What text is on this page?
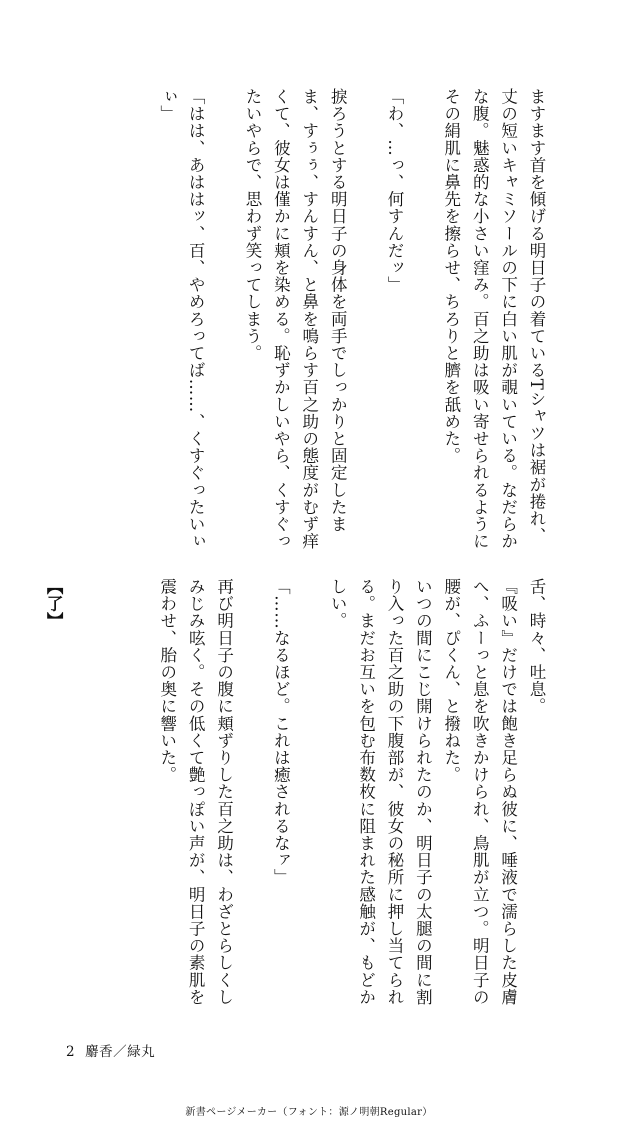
ますます首を傾げる明日子の着ているTシャツは裾が捲れ、丈の短いキャミソールの下に白い肌が覗いている。なだらかな腹。魅惑的な小さい窪み。百之助は吸い寄せられるようにその絹肌に鼻先を擦らせ、ちろりと臍を舐めた。

「わ、…っ、何すんだッ」

捩ろうとする明日子の身体を両手でしっかりと固定したまま、すぅぅ、すんすん、と鼻を鳴らす百之助の態度がむず痒くて、彼女は僅かに頬を染める。恥ずかしいやら、くすぐったいやらで、思わず笑ってしまう。

「はは、あははッ、百、やめろってば……、くすぐったいぃぃ」

舌、時々、吐息。

『吸い』だけでは飽き足らぬ彼に、唾液で濡らした皮膚へ、ふーっと息を吹きかけられ、鳥肌が立つ。明日子の腰が、ぴくん、と撥ねた。

いつの間にこじ開けられたのか、明日子の太腿の間に割り入った百之助の下腹部が、彼女の秘所に押し当てられる。まだお互いを包む布数枚に阻まれた感触が、もどかしい。

「……なるほど。これは癒されるなァ」

再び明日子の腹に頬ずりした百之助は、わざとらしくしみじみ呟く。その低くて艶っぽい声が、明日子の素肌を震わせ、胎の奥に響いた。

【了】

2 麝香／緑丸
新書ページメーカー（フォント：源ノ明朝Regular）
